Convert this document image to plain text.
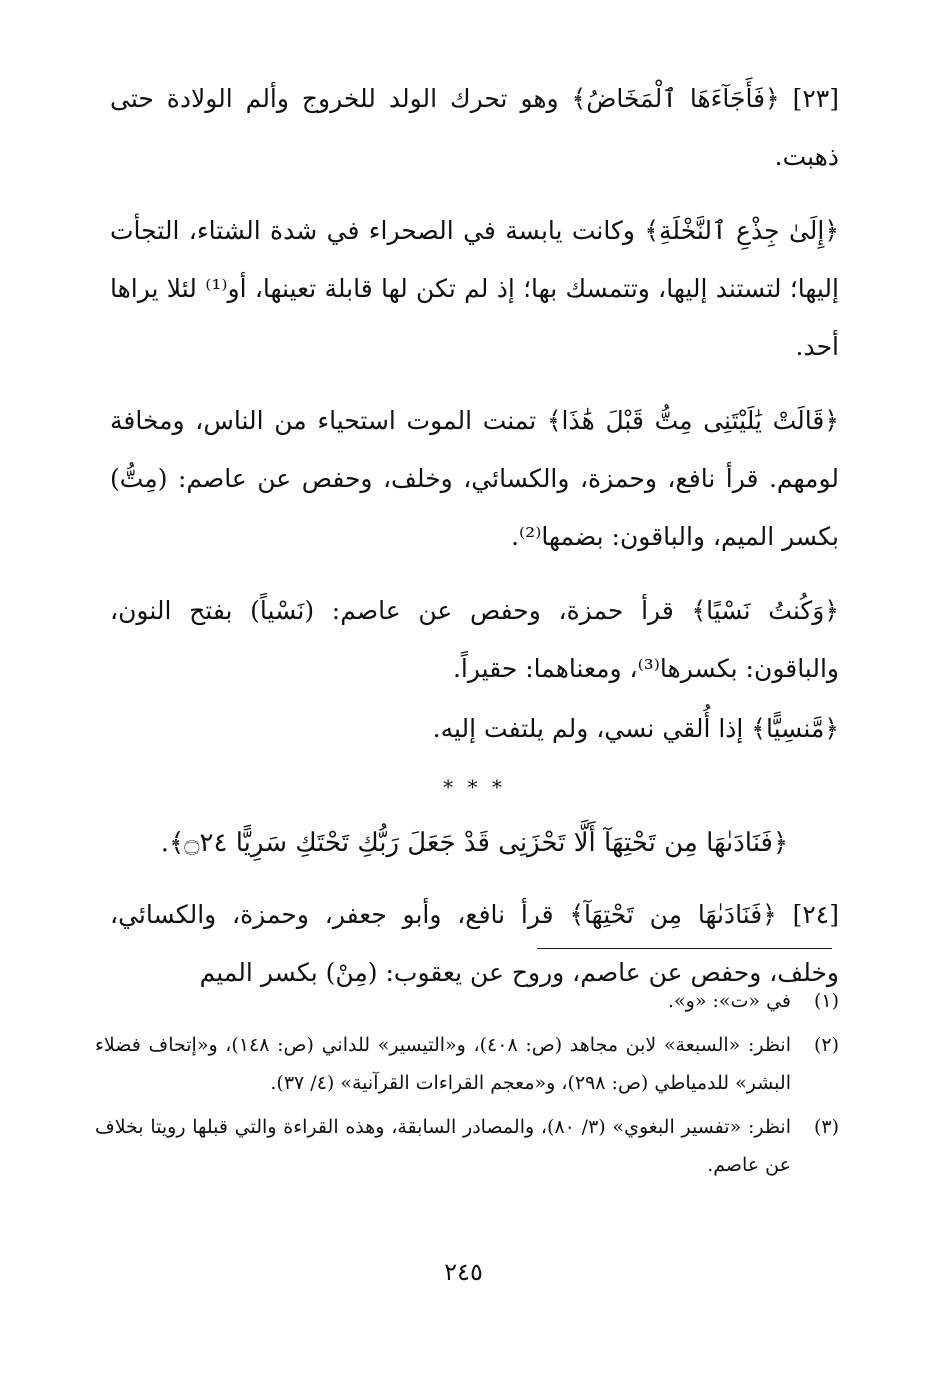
[٢٣] ﴿فَأَجَآءَهَا ٱلْمَخَاضُ﴾ وهو تحرك الولد للخروج وألم الولادة حتى ذهبت.

﴿إِلَىٰ جِذْعِ ٱلنَّخْلَةِ﴾ وكانت يابسة في الصحراء في شدة الشتاء، التجأت إليها؛ لتستند إليها، وتتمسك بها؛ إذ لم تكن لها قابلة تعينها، أو⁽¹⁾ لئلا يراها أحد.

﴿قَالَتْ يَٰلَيْتَنِى مِتُّ قَبْلَ هَٰذَا﴾ تمنت الموت استحياء من الناس، ومخافة لومهم. قرأ نافع، وحمزة، والكسائي، وخلف، وحفص عن عاصم: (مِتُّ) بكسر الميم، والباقون: بضمها⁽²⁾.

﴿وَكُنتُ نَسْيًا﴾ قرأ حمزة، وحفص عن عاصم: (نَسْياً) بفتح النون، والباقون: بكسرها⁽³⁾، ومعناهما: حقيراً.

﴿مَّنسِيًّا﴾ إذا أُلقي نسي، ولم يلتفت إليه.

* * *
﴿فَنَادَىٰهَا مِن تَحْتِهَآ أَلَّا تَحْزَنِى قَدْ جَعَلَ رَبُّكِ تَحْتَكِ سَرِيًّا ۝٢٤﴾.

[٢٤] ﴿فَنَادَىٰهَا مِن تَحْتِهَآ﴾ قرأ نافع، وأبو جعفر، وحمزة، والكسائي، وخلف، وحفص عن عاصم، وروح عن يعقوب: (مِنْ) بكسر الميم

(١)
في «ت»: «و».
(٢)
انظر: «السبعة» لابن مجاهد (ص: ٤٠٨)، و«التيسير» للداني (ص: ١٤٨)، و«إتحاف فضلاء البشر» للدمياطي (ص: ٢٩٨)، و«معجم القراءات القرآنية» (٤/ ٣٧).
(٣)
انظر: «تفسير البغوي» (٣/ ٨٠)، والمصادر السابقة، وهذه القراءة والتي قبلها رويتا بخلاف عن عاصم.
٢٤٥
